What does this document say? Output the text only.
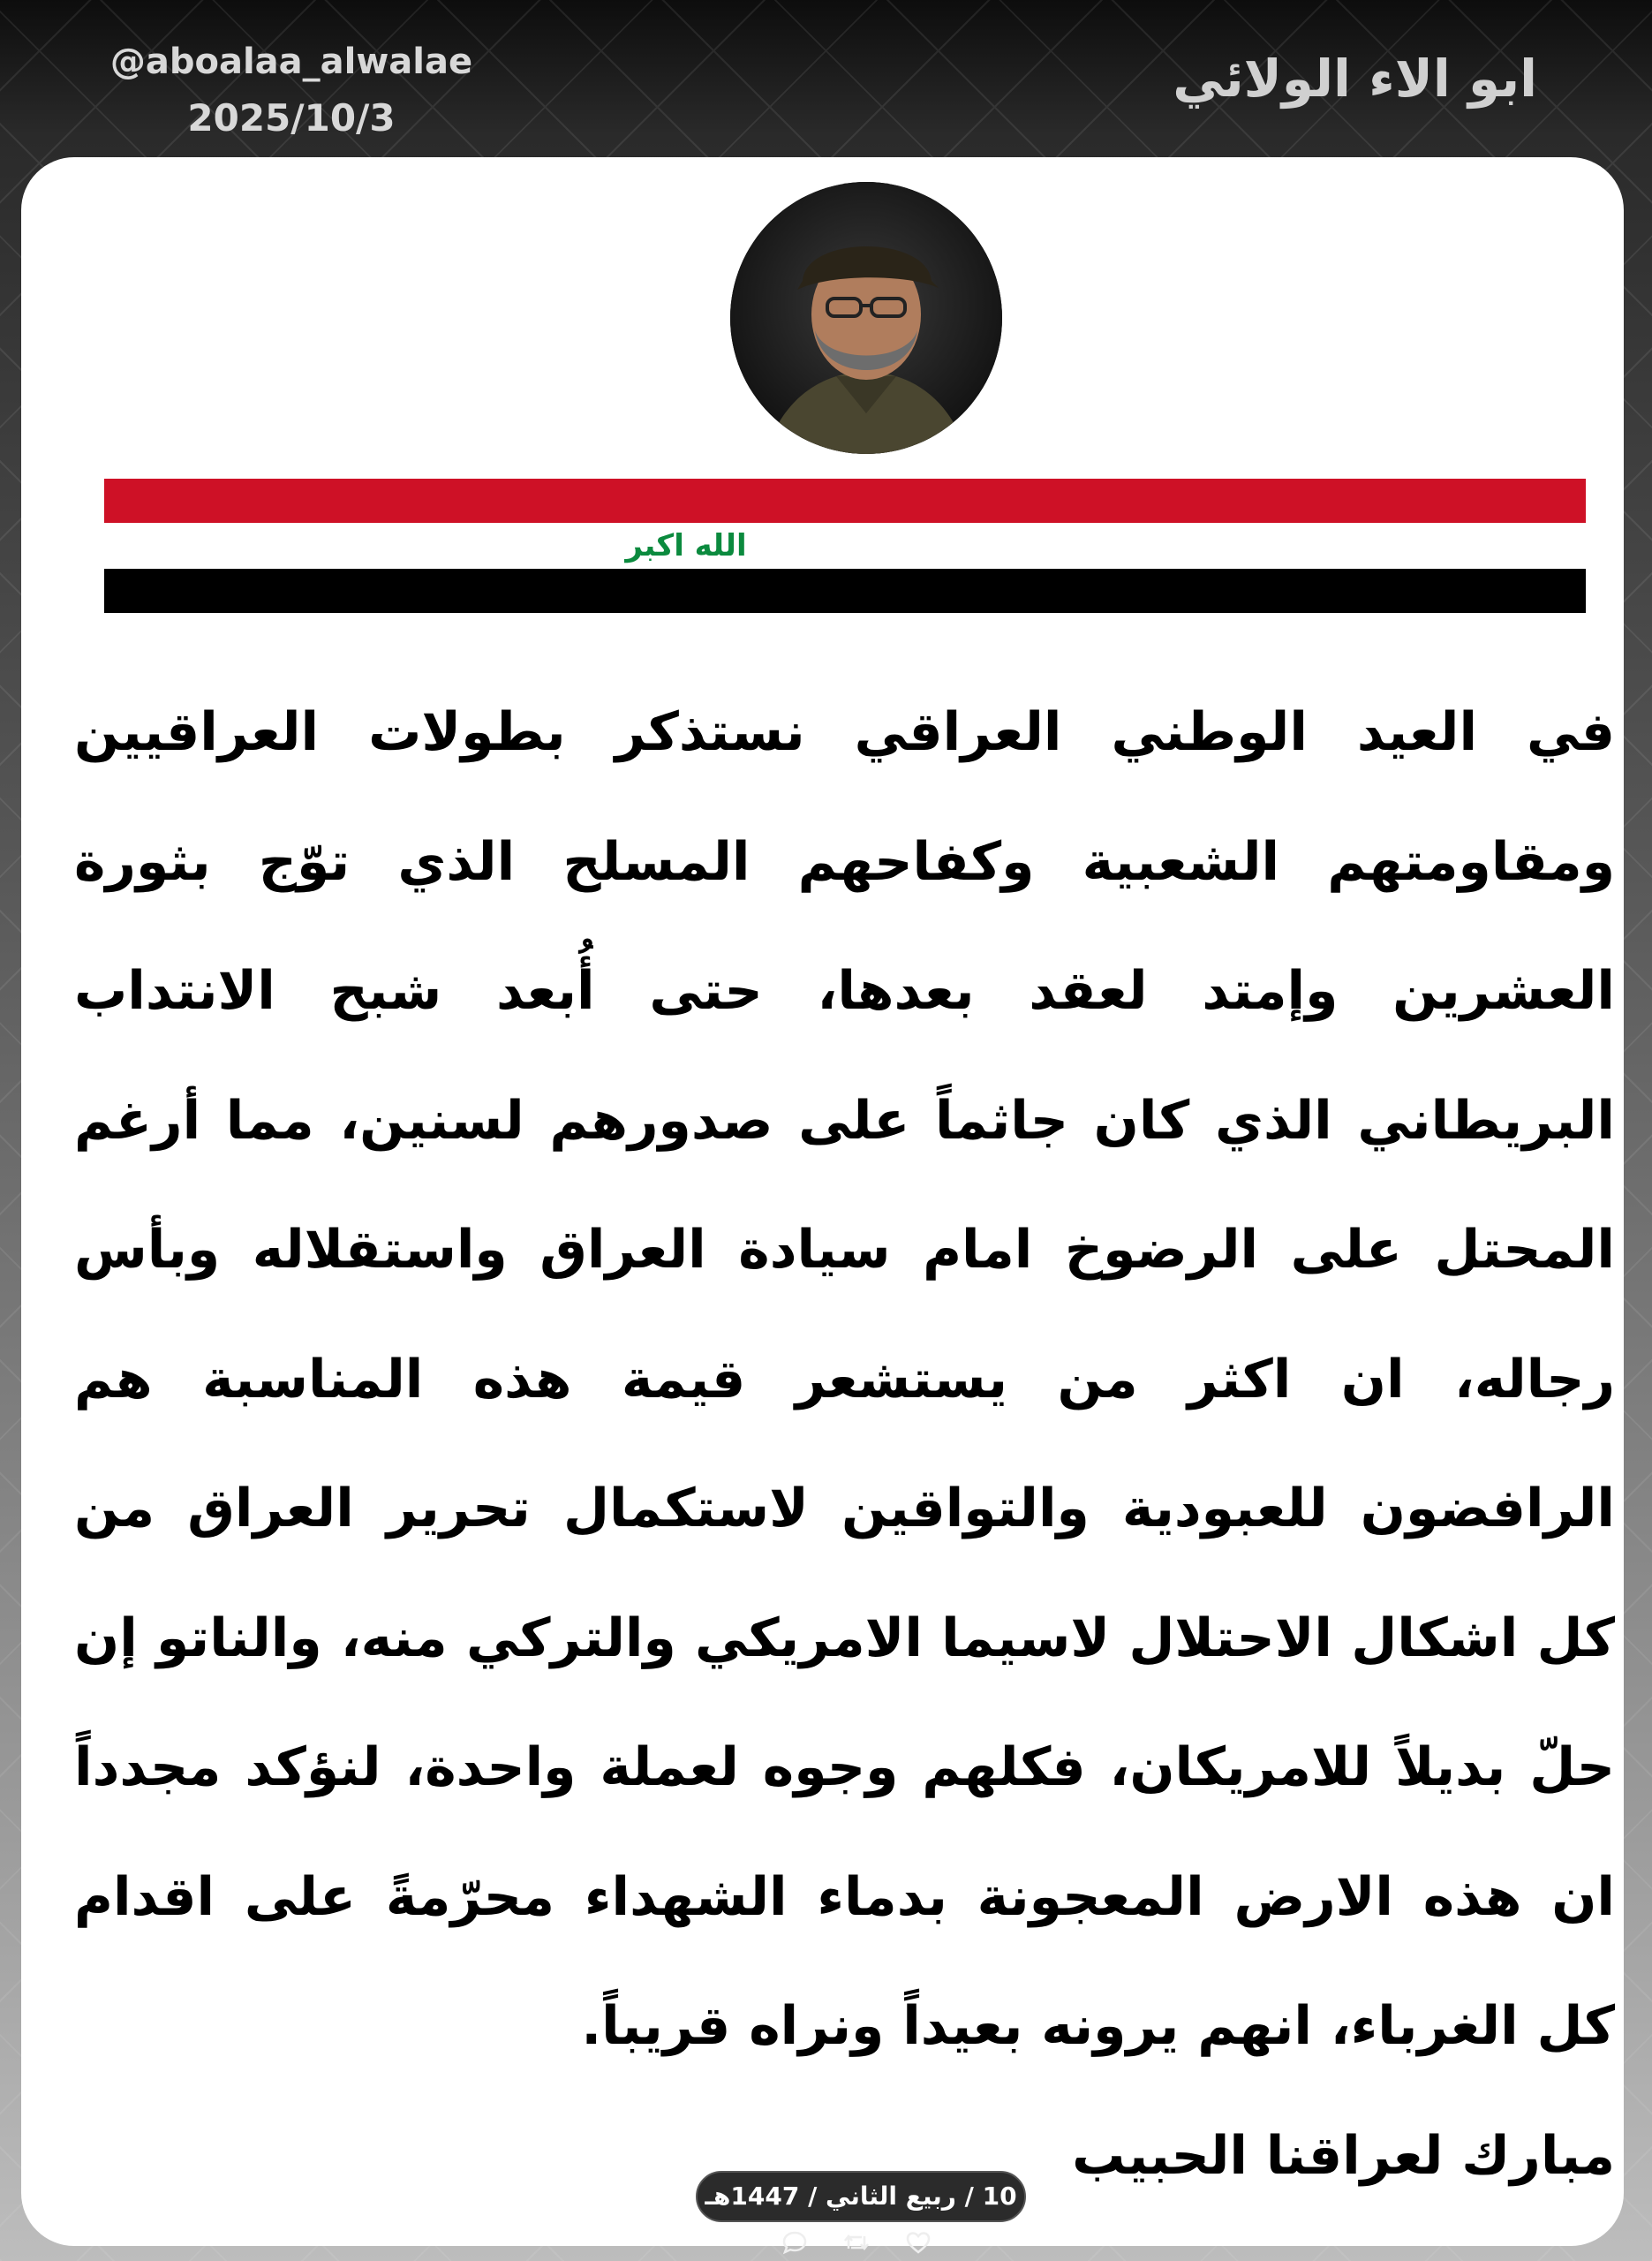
@aboalaa_alwalae
2025/10/3
ابو الاء الولائي
الله اكبر
في العيد الوطني العراقي نستذكر بطولات العراقيين ومقاومتهم الشعبية وكفاحهم المسلح الذي توّج بثورة العشرين وإمتد لعقد بعدها، حتى أُبعد شبح الانتداب البريطاني الذي كان جاثماً على صدورهم لسنين، مما أرغم المحتل على الرضوخ امام سيادة العراق واستقلاله وبأس رجاله، ان اكثر من يستشعر قيمة هذه المناسبة هم الرافضون للعبودية والتواقين لاستكمال تحرير العراق من كل اشكال الاحتلال لاسيما الامريكي والتركي منه، والناتو إن حلّ بديلاً للامريكان، فكلهم وجوه لعملة واحدة، لنؤكد مجدداً ان هذه الارض المعجونة بدماء الشهداء محرّمةً على اقدام كل الغرباء، انهم يرونه بعيداً ونراه قريباً.
مبارك لعراقنا الحبيب
10 / ربيع الثاني / 1447هـ
